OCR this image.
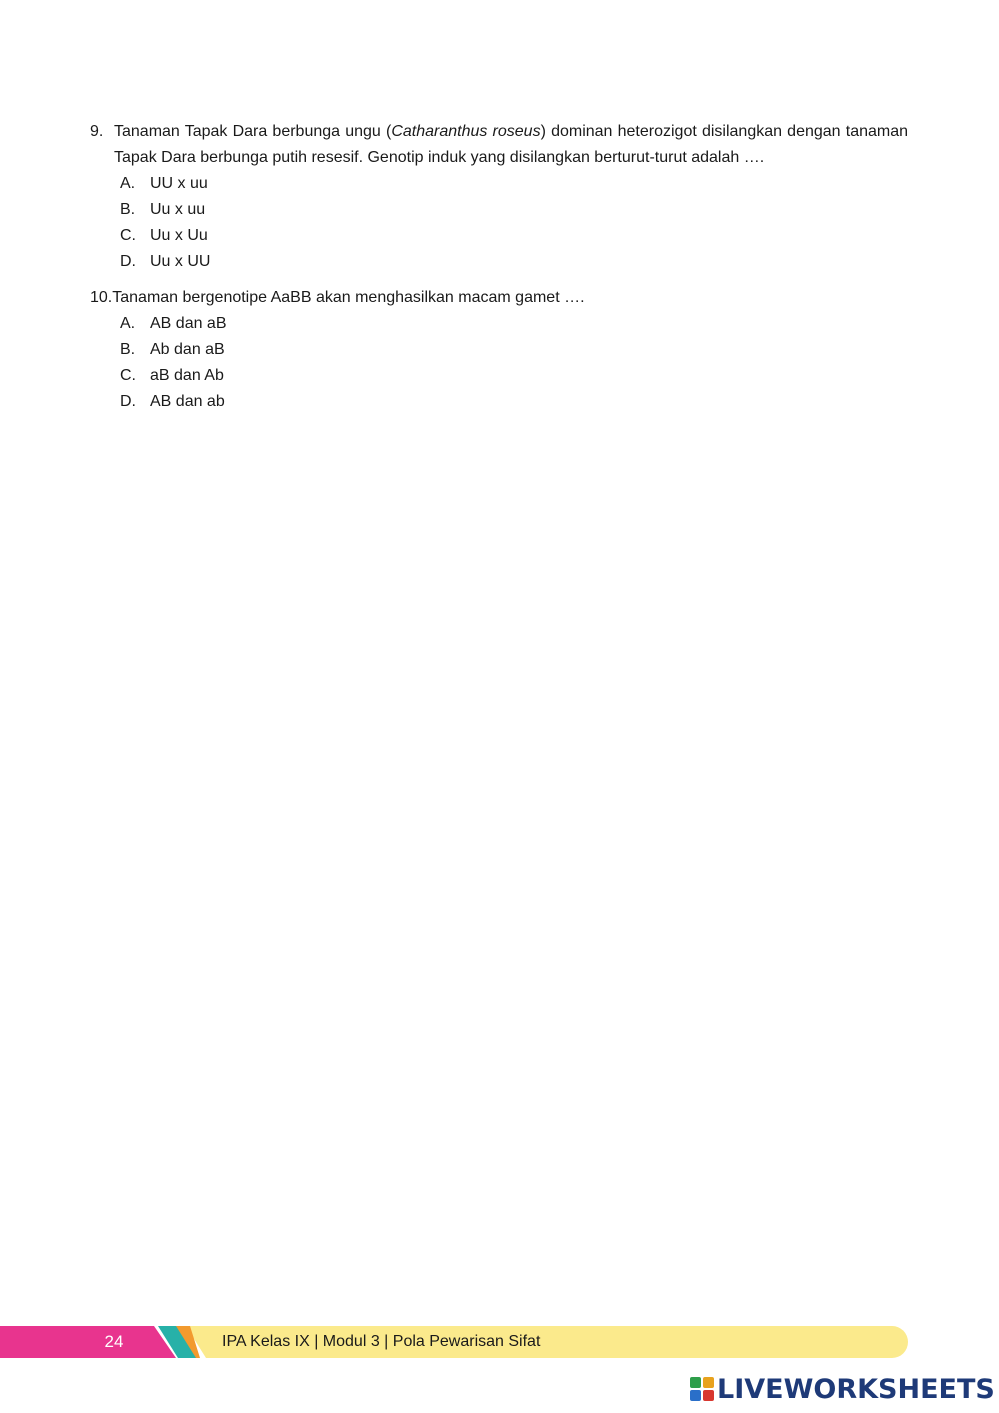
9. Tanaman Tapak Dara berbunga ungu (Catharanthus roseus) dominan heterozigot disilangkan dengan tanaman Tapak Dara berbunga putih resesif. Genotip induk yang disilangkan berturut-turut adalah ….
A. UU x uu
B. Uu x uu
C. Uu x Uu
D. Uu x UU
10. Tanaman bergenotipe AaBB akan menghasilkan macam gamet ….
A. AB dan aB
B. Ab dan aB
C. aB dan Ab
D. AB dan ab
24	IPA Kelas IX | Modul 3 | Pola Pewarisan Sifat
LIVEWORKSHEETS
